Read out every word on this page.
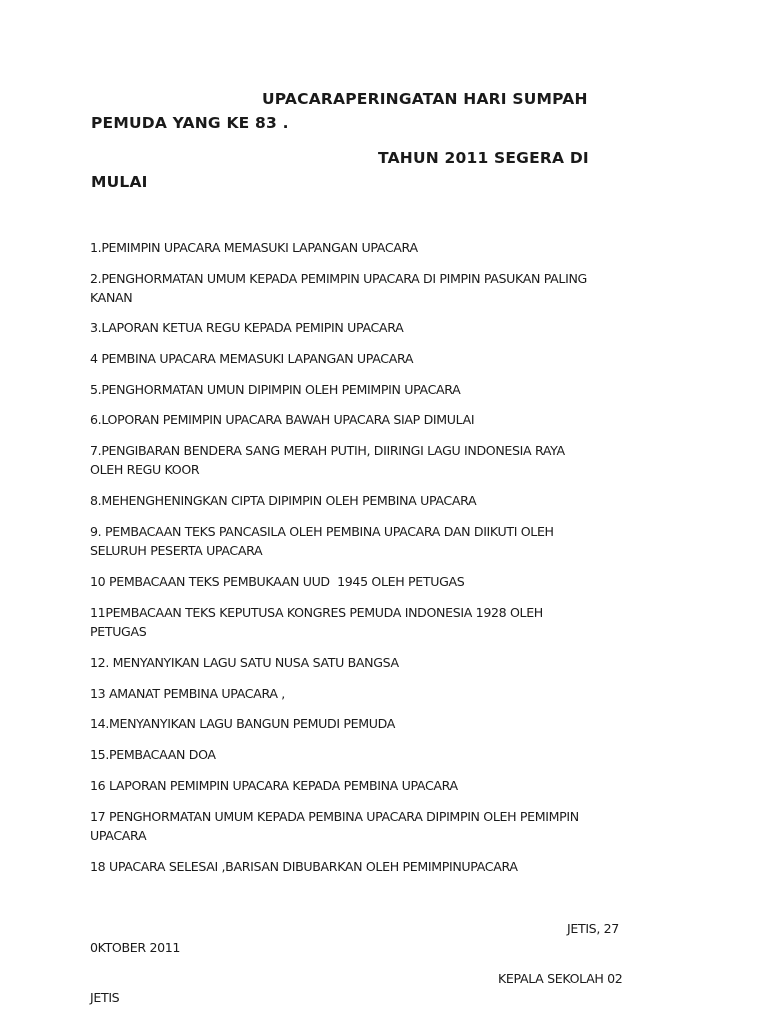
UPACARAPERINGATAN HARI SUMPAH
PEMUDA YANG KE 83 .
TAHUN 2011 SEGERA DI
MULAI
1.PEMIMPIN UPACARA MEMASUKI LAPANGAN UPACARA
2.PENGHORMATAN UMUM KEPADA PEMIMPIN UPACARA DI PIMPIN PASUKAN PALING
KANAN
3.LAPORAN KETUA REGU KEPADA PEMIPIN UPACARA
4 PEMBINA UPACARA MEMASUKI LAPANGAN UPACARA
5.PENGHORMATAN UMUN DIPIMPIN OLEH PEMIMPIN UPACARA
6.LOPORAN PEMIMPIN UPACARA BAWAH UPACARA SIAP DIMULAI
7.PENGIBARAN BENDERA SANG MERAH PUTIH, DIIRINGI LAGU INDONESIA RAYA
OLEH REGU KOOR
8.MEHENGHENINGKAN CIPTA DIPIMPIN OLEH PEMBINA UPACARA
9. PEMBACAAN TEKS PANCASILA OLEH PEMBINA UPACARA DAN DIIKUTI OLEH
SELURUH PESERTA UPACARA
10 PEMBACAAN TEKS PEMBUKAAN UUD  1945 OLEH PETUGAS
11PEMBACAAN TEKS KEPUTUSA KONGRES PEMUDA INDONESIA 1928 OLEH
PETUGAS
12. MENYANYIKAN LAGU SATU NUSA SATU BANGSA
13 AMANAT PEMBINA UPACARA ,
14.MENYANYIKAN LAGU BANGUN PEMUDI PEMUDA
15.PEMBACAAN DOA
16 LAPORAN PEMIMPIN UPACARA KEPADA PEMBINA UPACARA
17 PENGHORMATAN UMUM KEPADA PEMBINA UPACARA DIPIMPIN OLEH PEMIMPIN
UPACARA
18 UPACARA SELESAI ,BARISAN DIBUBARKAN OLEH PEMIMPINUPACARA
JETIS, 27
0KTOBER 2011
KEPALA SEKOLAH 02
JETIS
